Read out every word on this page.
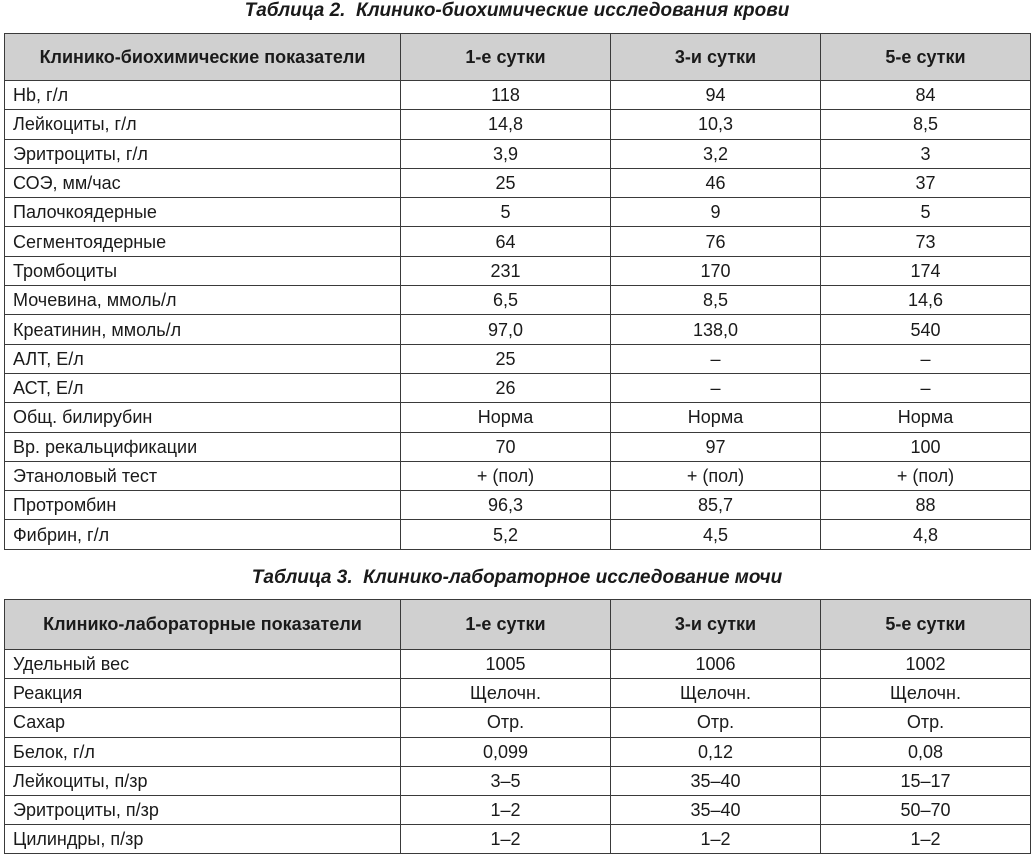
Таблица 2.  Клинико-биохимические исследования крови
Клинико-биохимические показатели	1-е сутки	3-и сутки	5-е сутки
Hb, г/л	118	94	84
Лейкоциты, г/л	14,8	10,3	8,5
Эритроциты, г/л	3,9	3,2	3
СОЭ, мм/час	25	46	37
Палочкоядерные	5	9	5
Сегментоядерные	64	76	73
Тромбоциты	231	170	174
Мочевина, ммоль/л	6,5	8,5	14,6
Креатинин, ммоль/л	97,0	138,0	540
АЛТ, Е/л	25	–	–
АСТ, Е/л	26	–	–
Общ. билирубин	Норма	Норма	Норма
Вр. рекальцификации	70	97	100
Этаноловый тест	+ (пол)	+ (пол)	+ (пол)
Протромбин	96,3	85,7	88
Фибрин, г/л	5,2	4,5	4,8
Таблица 3.  Клинико-лабораторное исследование мочи
Клинико-лабораторные показатели	1-е сутки	3-и сутки	5-е сутки
Удельный вес	1005	1006	1002
Реакция	Щелочн.	Щелочн.	Щелочн.
Сахар	Отр.	Отр.	Отр.
Белок, г/л	0,099	0,12	0,08
Лейкоциты, п/зр	3–5	35–40	15–17
Эритроциты, п/зр	1–2	35–40	50–70
Цилиндры, п/зр	1–2	1–2	1–2
